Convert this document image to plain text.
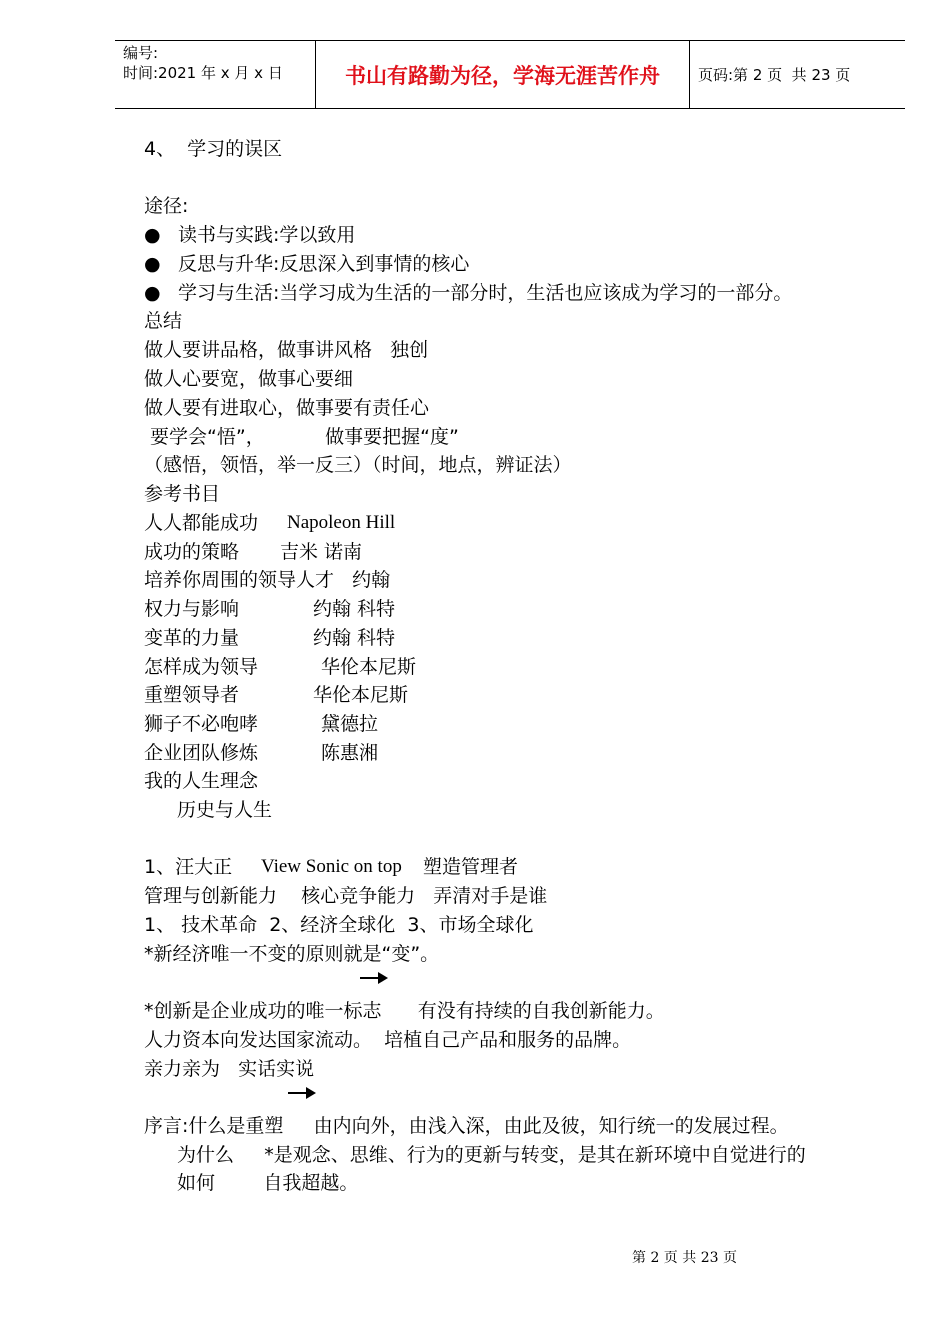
编号:
时间:2021 年 x 月 x 日	书山有路勤为径，学海无涯苦作舟	页码:第 2 页  共 23 页
4、  学习的误区
途径:
● 读书与实践:学以致用
● 反思与升华:反思深入到事情的核心
● 学习与生活:当学习成为生活的一部分时，生活也应该成为学习的一部分。
总结
做人要讲品格，做事讲风格   独创
做人心要宽，做事心要细
做人要有进取心，做事要有责任心
要学会“悟”，          做事要把握“度”
（感悟，领悟，举一反三）（时间，地点，辨证法）
参考书目
人人都能成功 Napoleon Hill
成功的策略 吉米 诺南
培养你周围的领导人才   约翰
权力与影响	约翰 科特
变革的力量	约翰 科特
怎样成为领导	华伦本尼斯
重塑领导者	华伦本尼斯
狮子不必咆哮	黛德拉
企业团队修炼	陈惠湘
我的人生理念
历史与人生
1、汪大正 View Sonic on top 塑造管理者
管理与创新能力    核心竞争能力   弄清对手是谁
1、 技术革命  2、经济全球化  3、市场全球化
*新经济唯一不变的原则就是“变”。
*创新是企业成功的唯一标志      有没有持续的自我创新能力。
人力资本向发达国家流动。  培植自己产品和服务的品牌。
亲力亲为   实话实说
序言:什么是重塑     由内向外，由浅入深，由此及彼，知行统一的发展过程。
为什么     *是观念、思维、行为的更新与转变，是其在新环境中自觉进行的
如何        自我超越。
第 2 页 共 23 页
